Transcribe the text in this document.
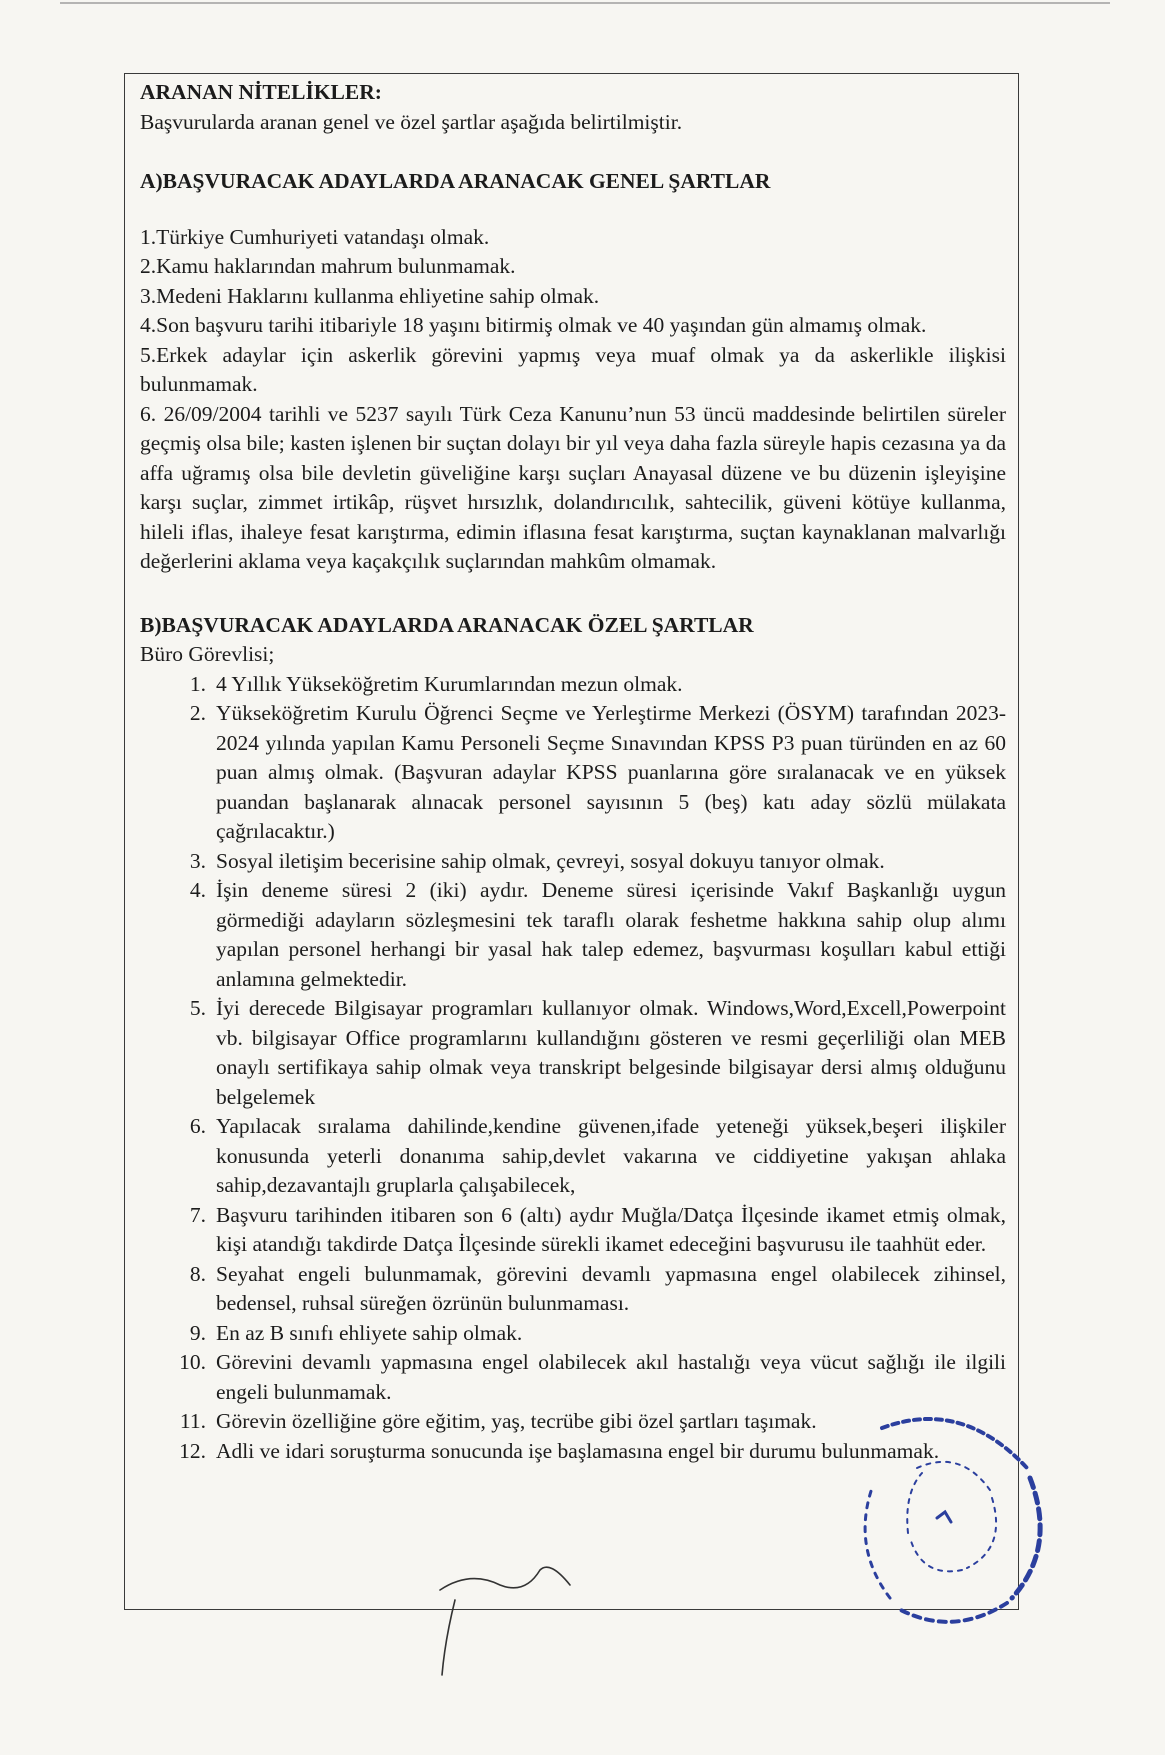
ARANAN NİTELİKLER:

Başvurularda aranan genel ve özel şartlar aşağıda belirtilmiştir.

A)BAŞVURACAK ADAYLARDA ARANACAK GENEL ŞARTLAR

1.Türkiye Cumhuriyeti vatandaşı olmak.

2.Kamu haklarından mahrum bulunmamak.

3.Medeni Haklarını kullanma ehliyetine sahip olmak.

4.Son başvuru tarihi itibariyle 18 yaşını bitirmiş olmak ve 40 yaşından gün almamış olmak.

5.Erkek adaylar için askerlik görevini yapmış veya muaf olmak ya da askerlikle ilişkisi bulunmamak.

6. 26/09/2004 tarihli ve 5237 sayılı Türk Ceza Kanunu’nun 53 üncü maddesinde belirtilen süreler geçmiş olsa bile; kasten işlenen bir suçtan dolayı bir yıl veya daha fazla süreyle hapis cezasına ya da affa uğramış olsa bile devletin güveliğine karşı suçları Anayasal düzene ve bu düzenin işleyişine karşı suçlar, zimmet irtikâp, rüşvet hırsızlık, dolandırıcılık, sahtecilik, güveni kötüye kullanma, hileli iflas, ihaleye fesat karıştırma, edimin iflasına fesat karıştırma, suçtan kaynaklanan malvarlığı değerlerini aklama veya kaçakçılık suçlarından mahkûm olmamak.

B)BAŞVURACAK ADAYLARDA ARANACAK ÖZEL ŞARTLAR

Büro Görevlisi;

1. 4 Yıllık Yükseköğretim Kurumlarından mezun olmak.
2. Yükseköğretim Kurulu Öğrenci Seçme ve Yerleştirme Merkezi (ÖSYM) tarafından 2023-2024 yılında yapılan Kamu Personeli Seçme Sınavından KPSS P3 puan türünden en az 60 puan almış olmak. (Başvuran adaylar KPSS puanlarına göre sıralanacak ve en yüksek puandan başlanarak alınacak personel sayısının 5 (beş) katı aday sözlü mülakata çağrılacaktır.)
3. Sosyal iletişim becerisine sahip olmak, çevreyi, sosyal dokuyu tanıyor olmak.
4. İşin deneme süresi 2 (iki) aydır. Deneme süresi içerisinde Vakıf Başkanlığı uygun görmediği adayların sözleşmesini tek taraflı olarak feshetme hakkına sahip olup alımı yapılan personel herhangi bir yasal hak talep edemez, başvurması koşulları kabul ettiği anlamına gelmektedir.
5. İyi derecede Bilgisayar programları kullanıyor olmak. Windows,Word,Excell,Powerpoint vb. bilgisayar Office programlarını kullandığını gösteren ve resmi geçerliliği olan MEB onaylı sertifikaya sahip olmak veya transkript belgesinde bilgisayar dersi almış olduğunu belgelemek
6. Yapılacak sıralama dahilinde,kendine güvenen,ifade yeteneği yüksek,beşeri ilişkiler konusunda yeterli donanıma sahip,devlet vakarına ve ciddiyetine yakışan ahlaka sahip,dezavantajlı gruplarla çalışabilecek,
7. Başvuru tarihinden itibaren son 6 (altı) aydır Muğla/Datça İlçesinde ikamet etmiş olmak, kişi atandığı takdirde Datça İlçesinde sürekli ikamet edeceğini başvurusu ile taahhüt eder.
8. Seyahat engeli bulunmamak, görevini devamlı yapmasına engel olabilecek zihinsel, bedensel, ruhsal süreğen özrünün bulunmaması.
9. En az B sınıfı ehliyete sahip olmak.
10. Görevini devamlı yapmasına engel olabilecek akıl hastalığı veya vücut sağlığı ile ilgili engeli bulunmamak.
11. Görevin özelliğine göre eğitim, yaş, tecrübe gibi özel şartları taşımak.
12. Adli ve idari soruşturma sonucunda işe başlamasına engel bir durumu bulunmamak.
